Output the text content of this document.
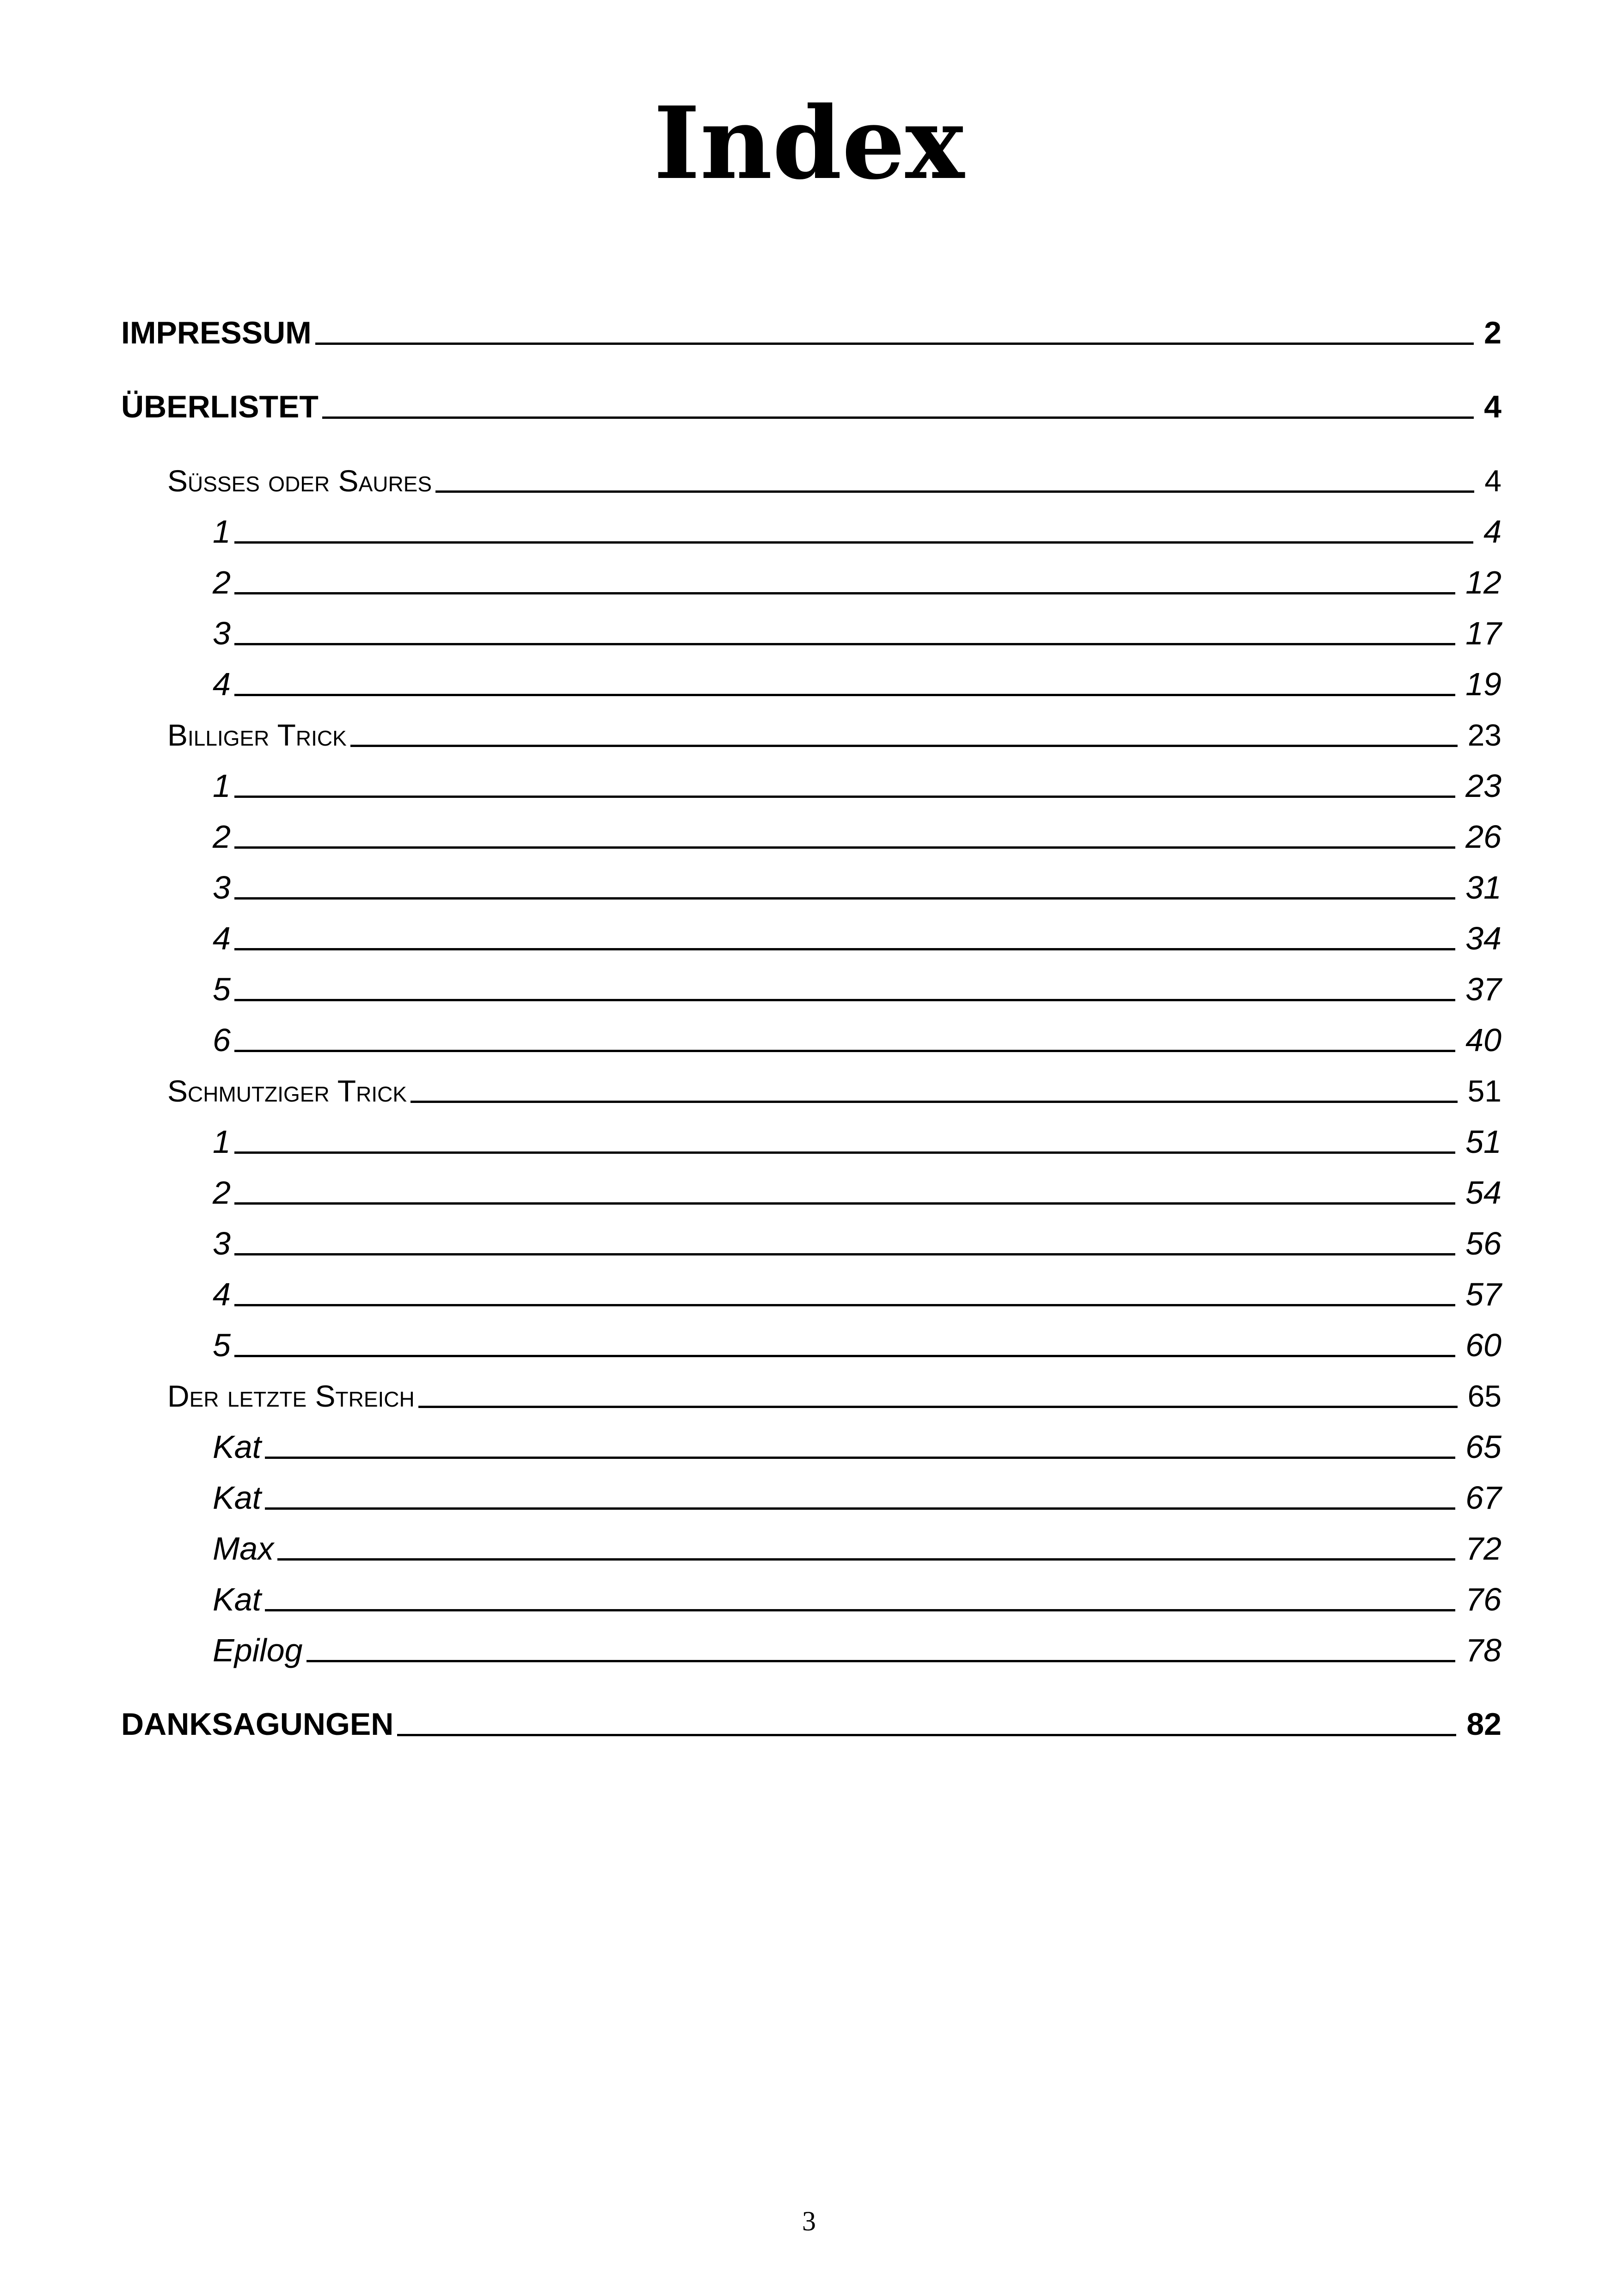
Index
IMPRESSUM	2
ÜBERLISTET	4
Süßes oder Saures	4
1	4
2	12
3	17
4	19
Billiger Trick	23
1	23
2	26
3	31
4	34
5	37
6	40
Schmutziger Trick	51
1	51
2	54
3	56
4	57
5	60
Der letzte Streich	65
Kat	65
Kat	67
Max	72
Kat	76
Epilog	78
DANKSAGUNGEN	82
3
